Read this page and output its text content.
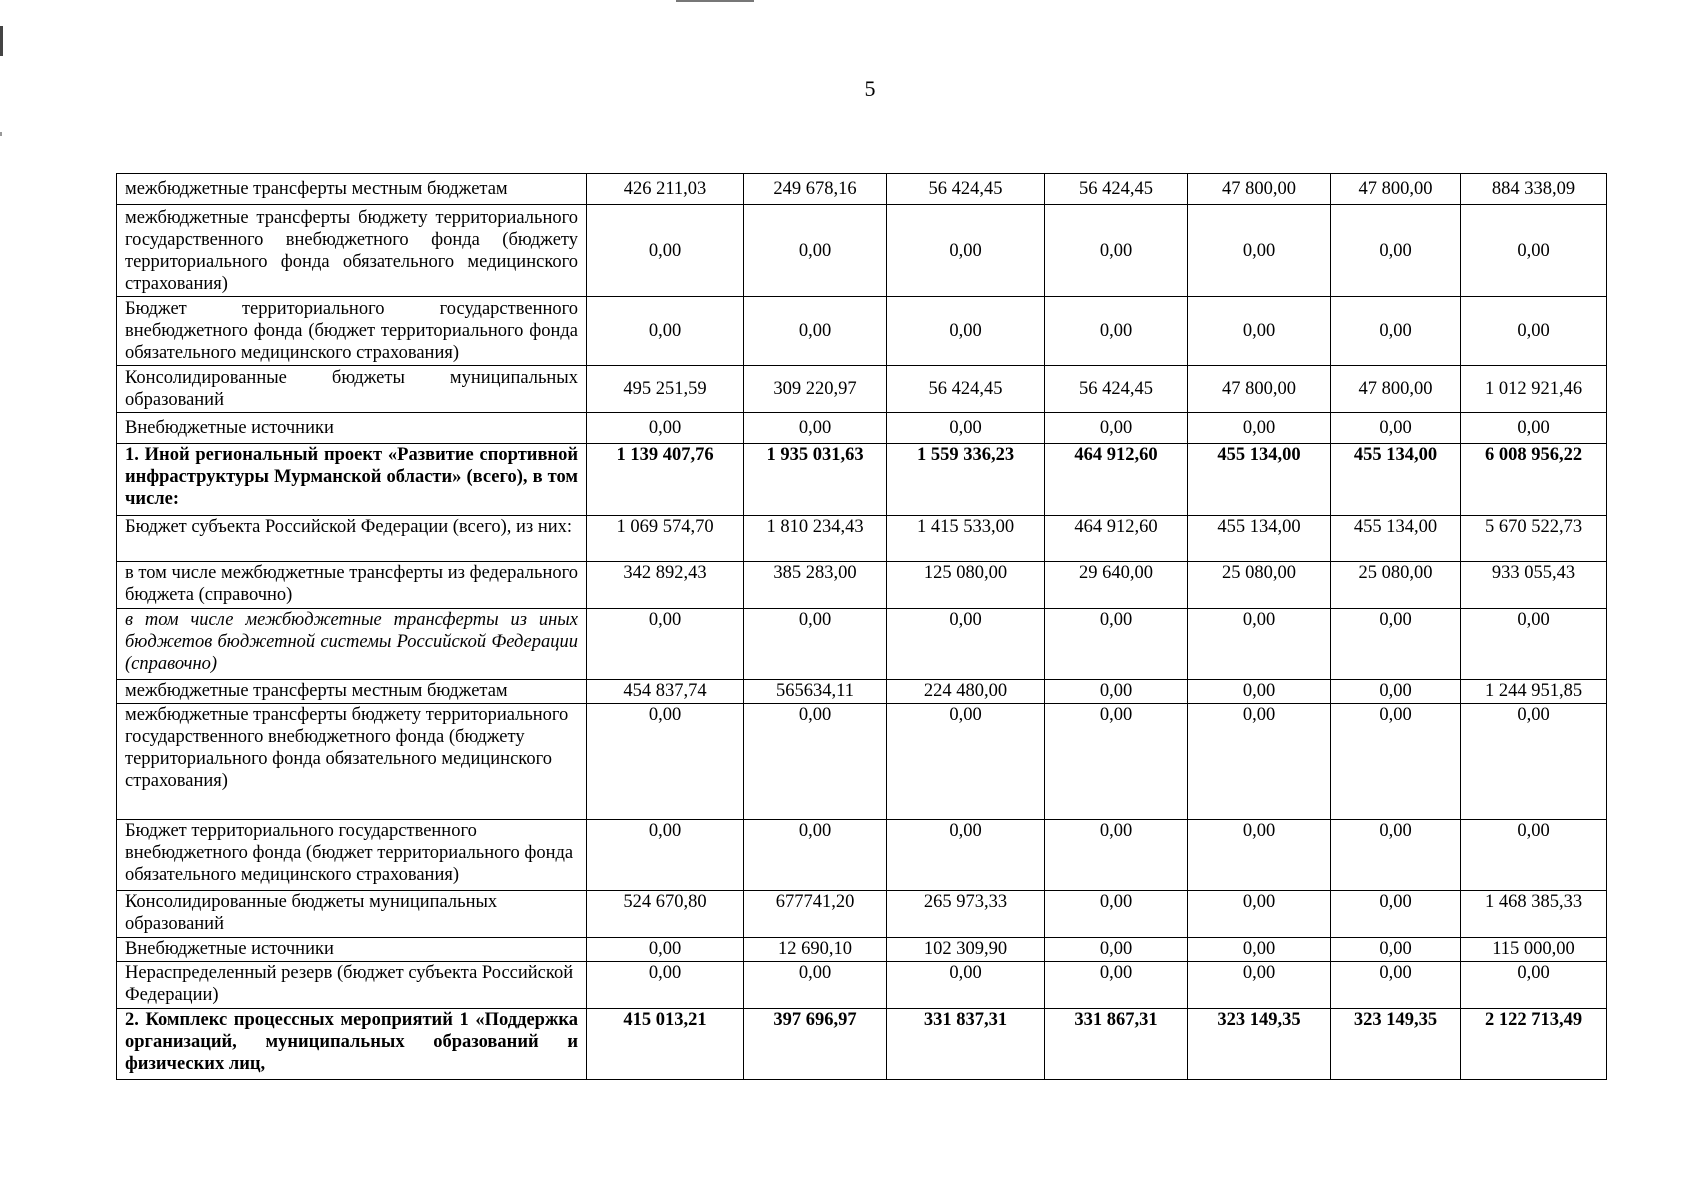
5
межбюджетные трансферты местным бюджетам	426 211,03	249 678,16	56 424,45	56 424,45	47 800,00	47 800,00	884 338,09
межбюджетные трансферты бюджету территориального государственного внебюджетного фонда (бюджету территориального фонда обязательного медицинского страхования)	0,00	0,00	0,00	0,00	0,00	0,00	0,00
Бюджет территориального государственного внебюджетного фонда (бюджет территориального фонда обязательного медицинского страхования)	0,00	0,00	0,00	0,00	0,00	0,00	0,00
Консолидированные бюджеты муниципальных образований	495 251,59	309 220,97	56 424,45	56 424,45	47 800,00	47 800,00	1 012 921,46
Внебюджетные источники	0,00	0,00	0,00	0,00	0,00	0,00	0,00
1. Иной региональный проект «Развитие спортивной инфраструктуры Мурманской области» (всего), в том числе:	1 139 407,76	1 935 031,63	1 559 336,23	464 912,60	455 134,00	455 134,00	6 008 956,22
Бюджет субъекта Российской Федерации (всего), из них:	1 069 574,70	1 810 234,43	1 415 533,00	464 912,60	455 134,00	455 134,00	5 670 522,73
в том числе межбюджетные трансферты из федерального бюджета (справочно)	342 892,43	385 283,00	125 080,00	29 640,00	25 080,00	25 080,00	933 055,43
в том числе межбюджетные трансферты из иных бюджетов бюджетной системы Российской Федерации (справочно)	0,00	0,00	0,00	0,00	0,00	0,00	0,00
межбюджетные трансферты местным бюджетам	454 837,74	565634,11	224 480,00	0,00	0,00	0,00	1 244 951,85
межбюджетные трансферты бюджету территориального государственного внебюджетного фонда (бюджету территориального фонда обязательного медицинского страхования)	0,00	0,00	0,00	0,00	0,00	0,00	0,00
Бюджет территориального государственного внебюджетного фонда (бюджет территориального фонда обязательного медицинского страхования)	0,00	0,00	0,00	0,00	0,00	0,00	0,00
Консолидированные бюджеты муниципальных образований	524 670,80	677741,20	265 973,33	0,00	0,00	0,00	1 468 385,33
Внебюджетные источники	0,00	12 690,10	102 309,90	0,00	0,00	0,00	115 000,00
Нераспределенный резерв (бюджет субъекта Российской Федерации)	0,00	0,00	0,00	0,00	0,00	0,00	0,00
2. Комплекс процессных мероприятий 1 «Поддержка организаций, муниципальных образований и физических лиц,	415 013,21	397 696,97	331 837,31	331 867,31	323 149,35	323 149,35	2 122 713,49
